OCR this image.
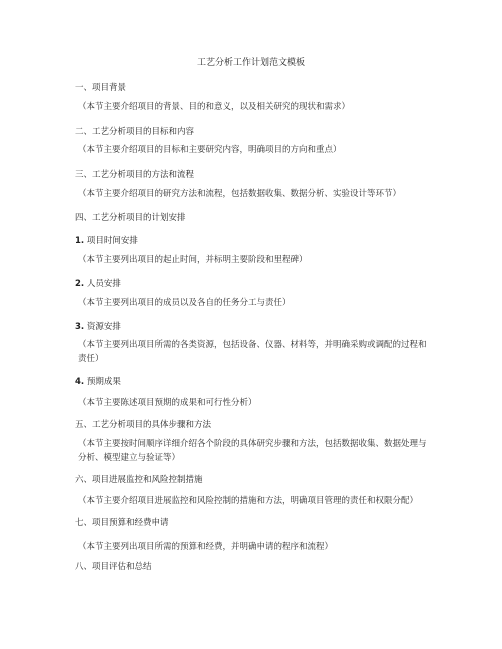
工艺分析工作计划范文模板
一、项目背景
（本节主要介绍项目的背景、目的和意义，以及相关研究的现状和需求）
二、工艺分析项目的目标和内容
（本节主要介绍项目的目标和主要研究内容，明确项目的方向和重点）
三、工艺分析项目的方法和流程
（本节主要介绍项目的研究方法和流程，包括数据收集、数据分析、实验设计等环节）
四、工艺分析项目的计划安排
1. 项目时间安排
（本节主要列出项目的起止时间，并标明主要阶段和里程碑）
2. 人员安排
（本节主要列出项目的成员以及各自的任务分工与责任）
3. 资源安排
（本节主要列出项目所需的各类资源，包括设备、仪器、材料等，并明确采购或调配的过程和责任）
4. 预期成果
（本节主要陈述项目预期的成果和可行性分析）
五、工艺分析项目的具体步骤和方法
（本节主要按时间顺序详细介绍各个阶段的具体研究步骤和方法，包括数据收集、数据处理与分析、模型建立与验证等）
六、项目进展监控和风险控制措施
（本节主要介绍项目进展监控和风险控制的措施和方法，明确项目管理的责任和权限分配）
七、项目预算和经费申请
（本节主要列出项目所需的预算和经费，并明确申请的程序和流程）
八、项目评估和总结
